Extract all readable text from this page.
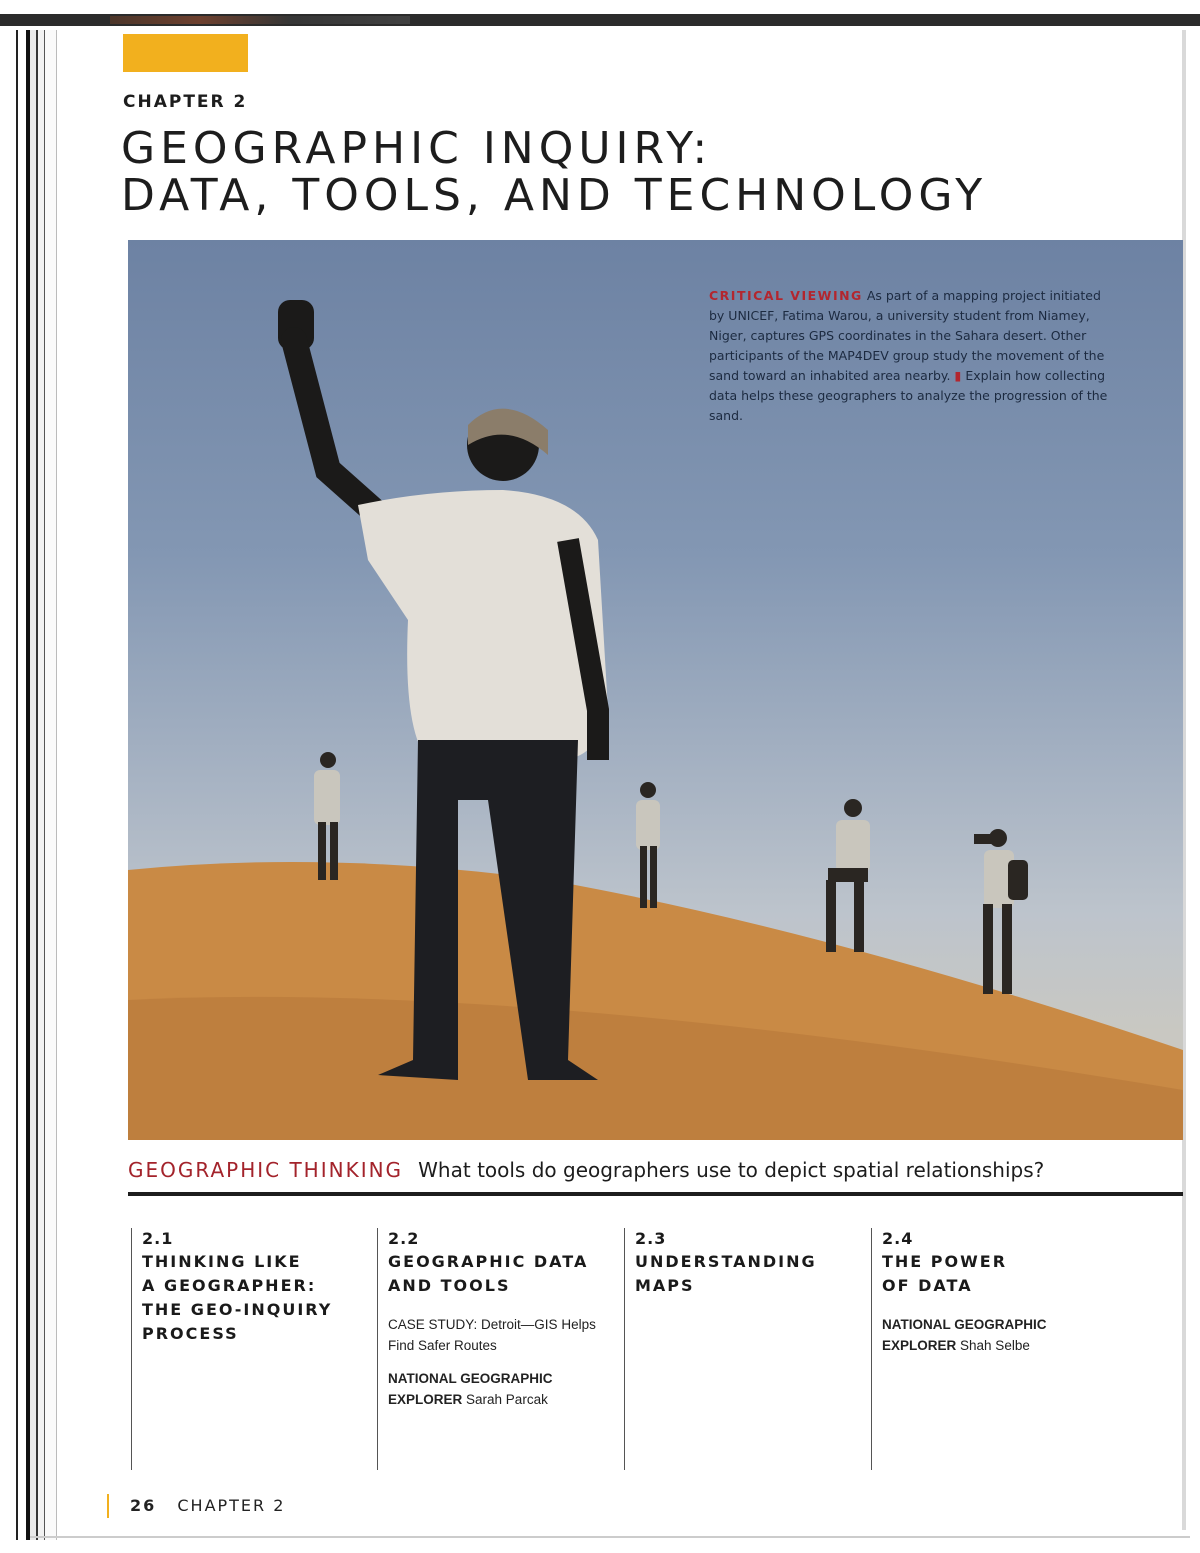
CHAPTER 2
GEOGRAPHIC INQUIRY:
DATA, TOOLS, AND TECHNOLOGY
CRITICAL VIEWING As part of a mapping project initiated by UNICEF, Fatima Warou, a university student from Niamey, Niger, captures GPS coordinates in the Sahara desert. Other participants of the MAP4DEV group study the movement of the sand toward an inhabited area nearby. ▮ Explain how collecting data helps these geographers to analyze the progression of the sand.
GEOGRAPHIC THINKING What tools do geographers use to depict spatial relationships?
2.1
THINKING LIKE
A GEOGRAPHER:
THE GEO-INQUIRY
PROCESS
2.2
GEOGRAPHIC DATA
AND TOOLS
CASE STUDY: Detroit—GIS Helps Find Safer Routes
NATIONAL GEOGRAPHIC EXPLORER Sarah Parcak
2.3
UNDERSTANDING
MAPS
2.4
THE POWER
OF DATA
NATIONAL GEOGRAPHIC EXPLORER Shah Selbe
26 CHAPTER 2
